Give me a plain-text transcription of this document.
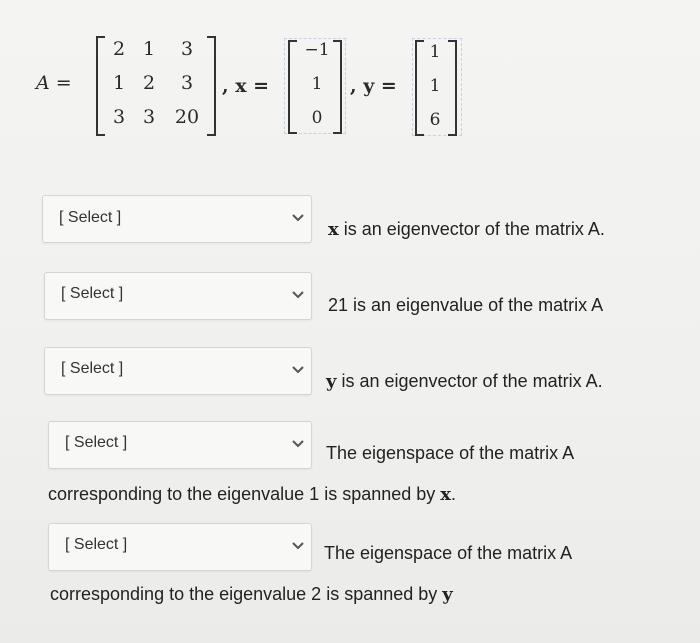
A =
2 1	3
1 2	3
3 3	20
, x =
−1
1
0
, y =
1
1
6
[ Select ]
x is an eigenvector of the matrix A.
[ Select ]
21 is an eigenvalue of the matrix A
[ Select ]
y is an eigenvector of the matrix A.
[ Select ]
The eigenspace of the matrix A
corresponding to the eigenvalue 1 is spanned by x.
[ Select ]	The eigenspace of the matrix A
corresponding to the eigenvalue 2 is spanned by y
